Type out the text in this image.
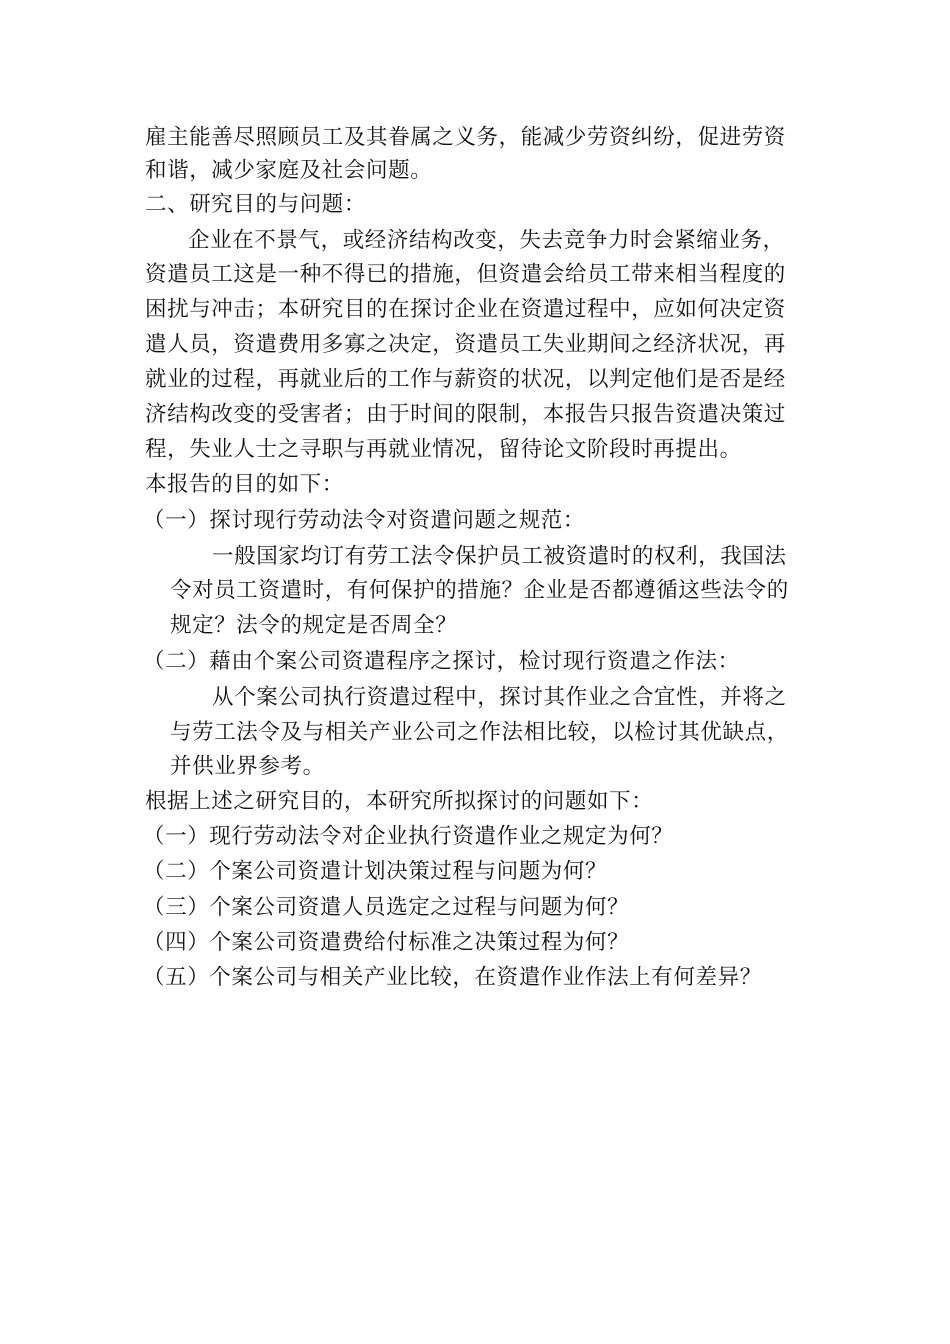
雇主能善尽照顾员工及其眷属之义务，能减少劳资纠纷，促进劳资
和谐，减少家庭及社会问题。
二、研究目的与问题：
企业在不景气，或经济结构改变，失去竞争力时会紧缩业务，
资遣员工这是一种不得已的措施，但资遣会给员工带来相当程度的
困扰与冲击；本研究目的在探讨企业在资遣过程中，应如何决定资
遣人员，资遣费用多寡之决定，资遣员工失业期间之经济状况，再
就业的过程，再就业后的工作与薪资的状况，以判定他们是否是经
济结构改变的受害者；由于时间的限制，本报告只报告资遣决策过
程，失业人士之寻职与再就业情况，留待论文阶段时再提出。
本报告的目的如下：
（一）探讨现行劳动法令对资遣问题之规范：
一般国家均订有劳工法令保护员工被资遣时的权利，我国法
令对员工资遣时，有何保护的措施？企业是否都遵循这些法令的
规定？法令的规定是否周全？
（二）藉由个案公司资遣程序之探讨，检讨现行资遣之作法：
从个案公司执行资遣过程中，探讨其作业之合宜性，并将之
与劳工法令及与相关产业公司之作法相比较，以检讨其优缺点，
并供业界参考。
根据上述之研究目的，本研究所拟探讨的问题如下：
（一）现行劳动法令对企业执行资遣作业之规定为何？
（二）个案公司资遣计划决策过程与问题为何？
（三）个案公司资遣人员选定之过程与问题为何？
（四）个案公司资遣费给付标准之决策过程为何？
（五）个案公司与相关产业比较，在资遣作业作法上有何差异？
